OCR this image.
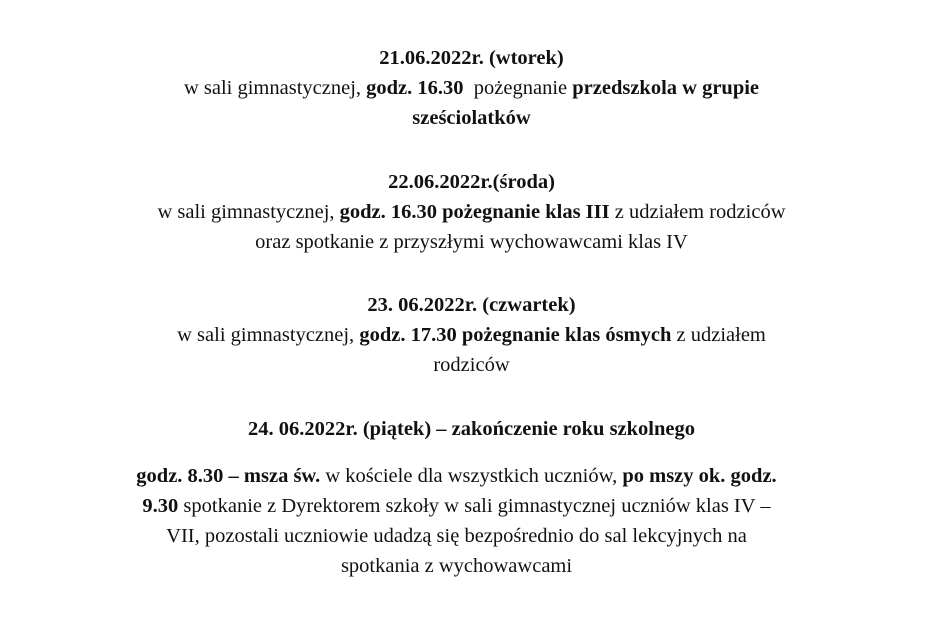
21.06.2022r. (wtorek)
w sali gimnastycznej, godz. 16.30  pożegnanie przedszkola w grupie
sześciolatków
22.06.2022r.(środa)
w sali gimnastycznej, godz. 16.30 pożegnanie klas III z udziałem rodziców
oraz spotkanie z przyszłymi wychowawcami klas IV
23. 06.2022r. (czwartek)
w sali gimnastycznej, godz. 17.30 pożegnanie klas ósmych z udziałem
rodziców
24. 06.2022r. (piątek) – zakończenie roku szkolnego
godz. 8.30 – msza św. w kościele dla wszystkich uczniów, po mszy ok. godz.
9.30 spotkanie z Dyrektorem szkoły w sali gimnastycznej uczniów klas IV –
VII, pozostali uczniowie udadzą się bezpośrednio do sal lekcyjnych na
spotkania z wychowawcami
